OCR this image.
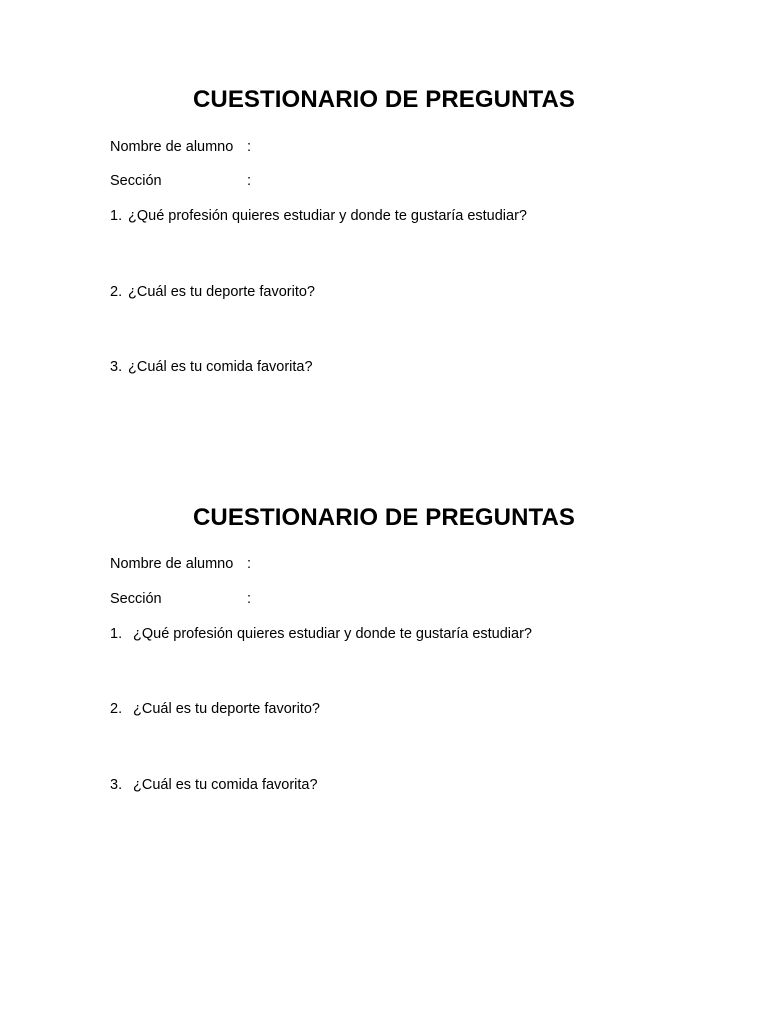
CUESTIONARIO DE PREGUNTAS
Nombre de alumno :
Sección	:
1. ¿Qué profesión quieres estudiar y donde te gustaría estudiar?
2. ¿Cuál es tu deporte favorito?
3. ¿Cuál es tu comida favorita?
CUESTIONARIO DE PREGUNTAS
Nombre de alumno :
Sección	:
1. ¿Qué profesión quieres estudiar y donde te gustaría estudiar?
2. ¿Cuál es tu deporte favorito?
3. ¿Cuál es tu comida favorita?
